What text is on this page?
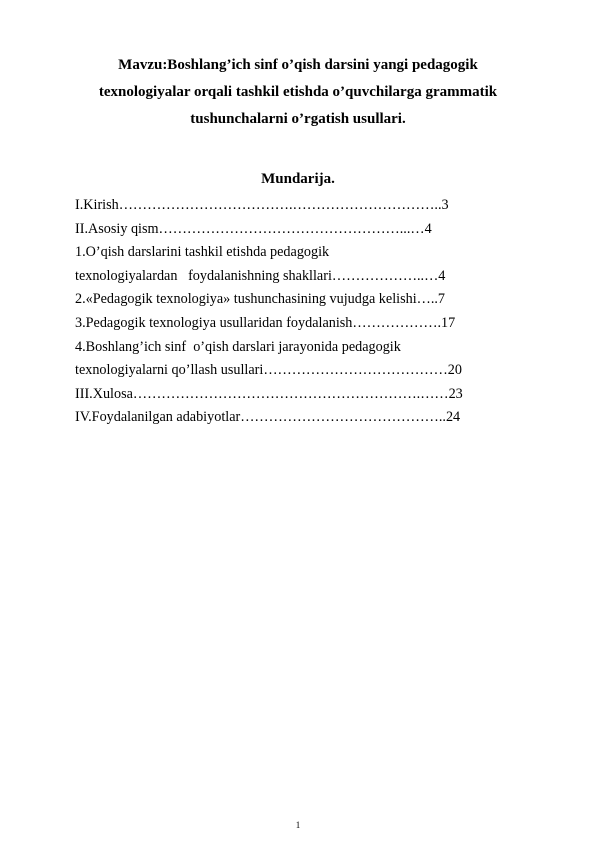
Mavzu:Boshlang’ich sinf o’qish darsini yangi pedagogik
texnologiyalar orqali tashkil etishda o’quvchilarga grammatik
tushunchalarni o’rgatish usullari.
Mundarija.
I.Kirish……………………………….…………………………..3
II.Asosiy qism……………………………………………...…4
1.O’qish darslarini tashkil etishda pedagogik
texnologiyalardan   foydalanishning shakllari………………..…4
2.«Pedagogik texnologiya» tushunchasining vujudga kelishi…..7
3.Pedagogik texnologiya usullaridan foydalanish……………….17
4.Boshlang’ich sinf  o’qish darslari jarayonida pedagogik
texnologiyalarni qo’llash usullari…………………………………20
III.Xulosa…………………………………………………….……23
IV.Foydalanilgan adabiyotlar……………………………………..24
1
